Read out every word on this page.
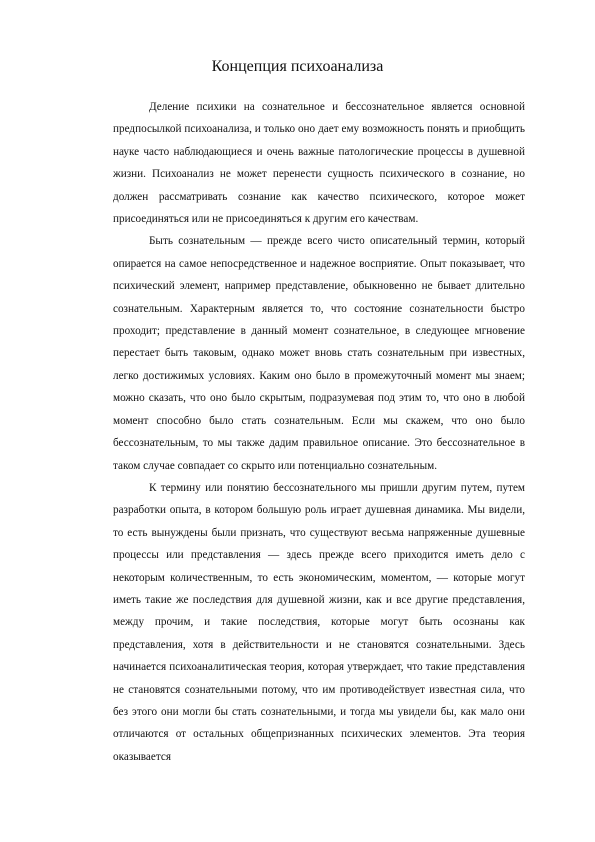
Концепция психоанализа

Деление психики на сознательное и бессознательное является основной предпосылкой психоанализа, и только оно дает ему возможность понять и приобщить науке часто наблюдающиеся и очень важные патологические процессы в душевной жизни. Психоанализ не может перенести сущность психического в сознание, но должен рассматривать сознание как качество психического, которое может присоединяться или не присоединяться к другим его качествам.

Быть сознательным — прежде всего чисто описательный термин, который опирается на самое непосредственное и надежное восприятие. Опыт показывает, что психический элемент, например представление, обыкновенно не бывает длительно сознательным. Характерным является то, что состояние сознательности быстро проходит; представление в данный момент сознательное, в следующее мгновение перестает быть таковым, однако может вновь стать сознательным при известных, легко достижимых условиях. Каким оно было в промежуточный момент мы знаем; можно сказать, что оно было скрытым, подразумевая под этим то, что оно в любой момент способно было стать сознательным. Если мы скажем, что оно было бессознательным, то мы также дадим правильное описание. Это бессознательное в таком случае совпадает со скрыто или потенциально сознательным.

К термину или понятию бессознательного мы пришли другим путем, путем разработки опыта, в котором большую роль играет душевная динамика. Мы видели, то есть вынуждены были признать, что существуют весьма напряженные душевные процессы или представления — здесь прежде всего приходится иметь дело с некоторым количественным, то есть экономическим, моментом, — которые могут иметь такие же последствия для душевной жизни, как и все другие представления, между прочим, и такие последствия, которые могут быть осознаны как представления, хотя в действительности и не становятся сознательными. Здесь начинается психоаналитическая теория, которая утверждает, что такие представления не становятся сознательными потому, что им противодействует известная сила, что без этого они могли бы стать сознательными, и тогда мы увидели бы, как мало они отличаются от остальных общепризнанных психических элементов. Эта теория оказывается
